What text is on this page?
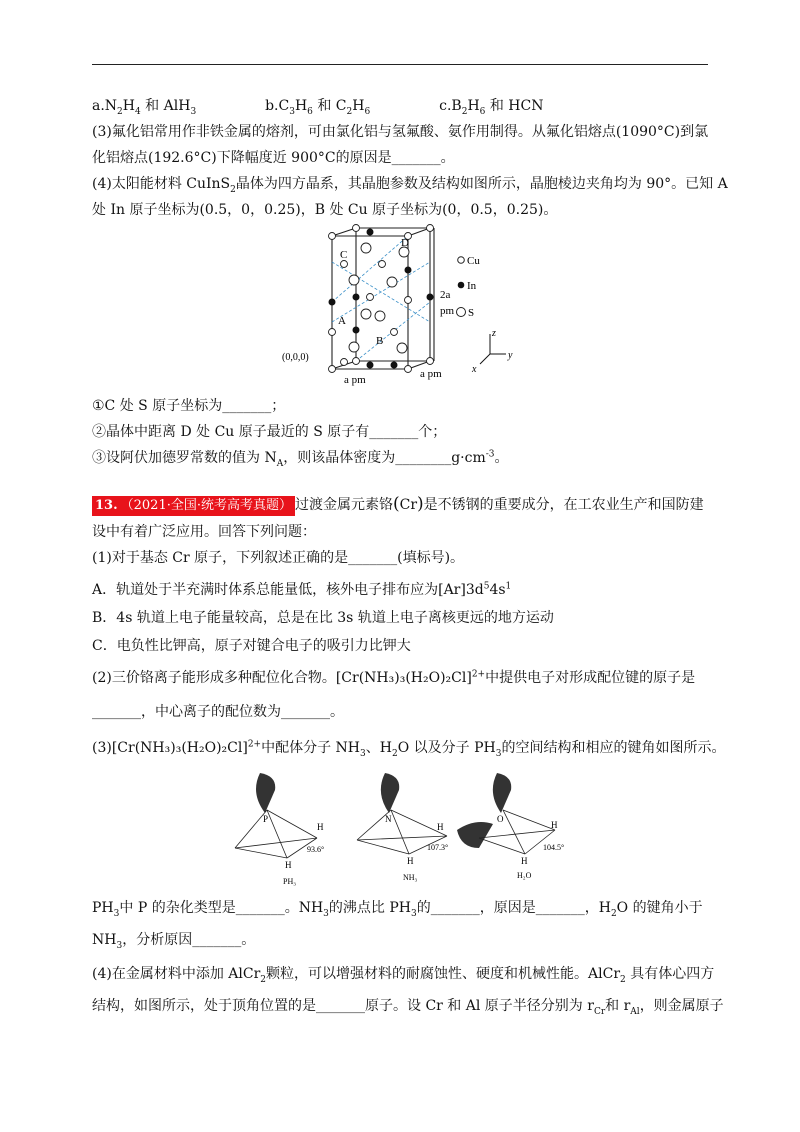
$a.N_2H_4$ 和 AlH$_3$	$b.C_3H_6$ 和 $C_2H_6$	$c.B_2H_6$ 和 HCN
(3)氟化铝常用作非铁金属的熔剂，可由氯化铝与氢氟酸、氨作用制得。从氟化铝熔点(1090°C)到氯
化铝熔点(192.6°C)下降幅度近 900°C的原因是_______。
(4)太阳能材料 CuInS$_2$晶体为四方晶系，其晶胞参数及结构如图所示，晶胞棱边夹角均为 90°。已知 A
处 In 原子坐标为(0.5，0，0.25)，B 处 Cu 原子坐标为(0，0.5，0.25)。
C
D
A
B
(0,0,0)
a pm	a pm
2a
pm
Cu
In
S
z
y
x
①C 处 S 原子坐标为_______；
②晶体中距离 D 处 Cu 原子最近的 S 原子有_______个；
③设阿伏加德罗常数的值为 $N_A$，则该晶体密度为$\_\_\_\_\_\_\_\_g\cdot cm^{-3}$。
13. （2021·全国·统考高考真题） 过渡金属元素铬(Cr)是不锈钢的重要成分，在工农业生产和国防建
设中有着广泛应用。回答下列问题：
(1)对于基态 Cr 原子，下列叙述正确的是_______(填标号)。
A．轨道处于半充满时体系总能量低，核外电子排布应为$[Ar]3d^54s^1$
B．4s 轨道上电子能量较高，总是在比 3s 轨道上电子离核更远的地方运动
C．电负性比钾高，原子对键合电子的吸引力比钾大
(2)三价铬离子能形成多种配位化合物。$[Cr(NH_3)_3(H_2O)_2Cl]^{2+}$中提供电子对形成配位键的原子是
_______，中心离子的配位数为_______。
$(3)[Cr(NH_3)_3(H_2O)_2Cl]^{2+}$中配体分子 $NH_3$、$H_2O$ 以及分子 $PH_3$的空间结构和相应的键角如图所示。
P
H
H
93.6°
PH₃
N
H
H
107.3°
NH₃
O
H
H
104.5°
H₂O
$PH_3$中 P 的杂化类型是_______。$NH_3$的沸点比 $PH_3$的_______，原因是_______，$H_2O$ 的键角小于
$NH_3$，分析原因_______。
(4)在金属材料中添加 AlCr$_2$颗粒，可以增强材料的耐腐蚀性、硬度和机械性能。AlCr$_2$ 具有体心四方
结构，如图所示，处于顶角位置的是_______原子。设 Cr 和 Al 原子半径分别为 $r_{Cr}$和 $r_{Al}$，则金属原子
